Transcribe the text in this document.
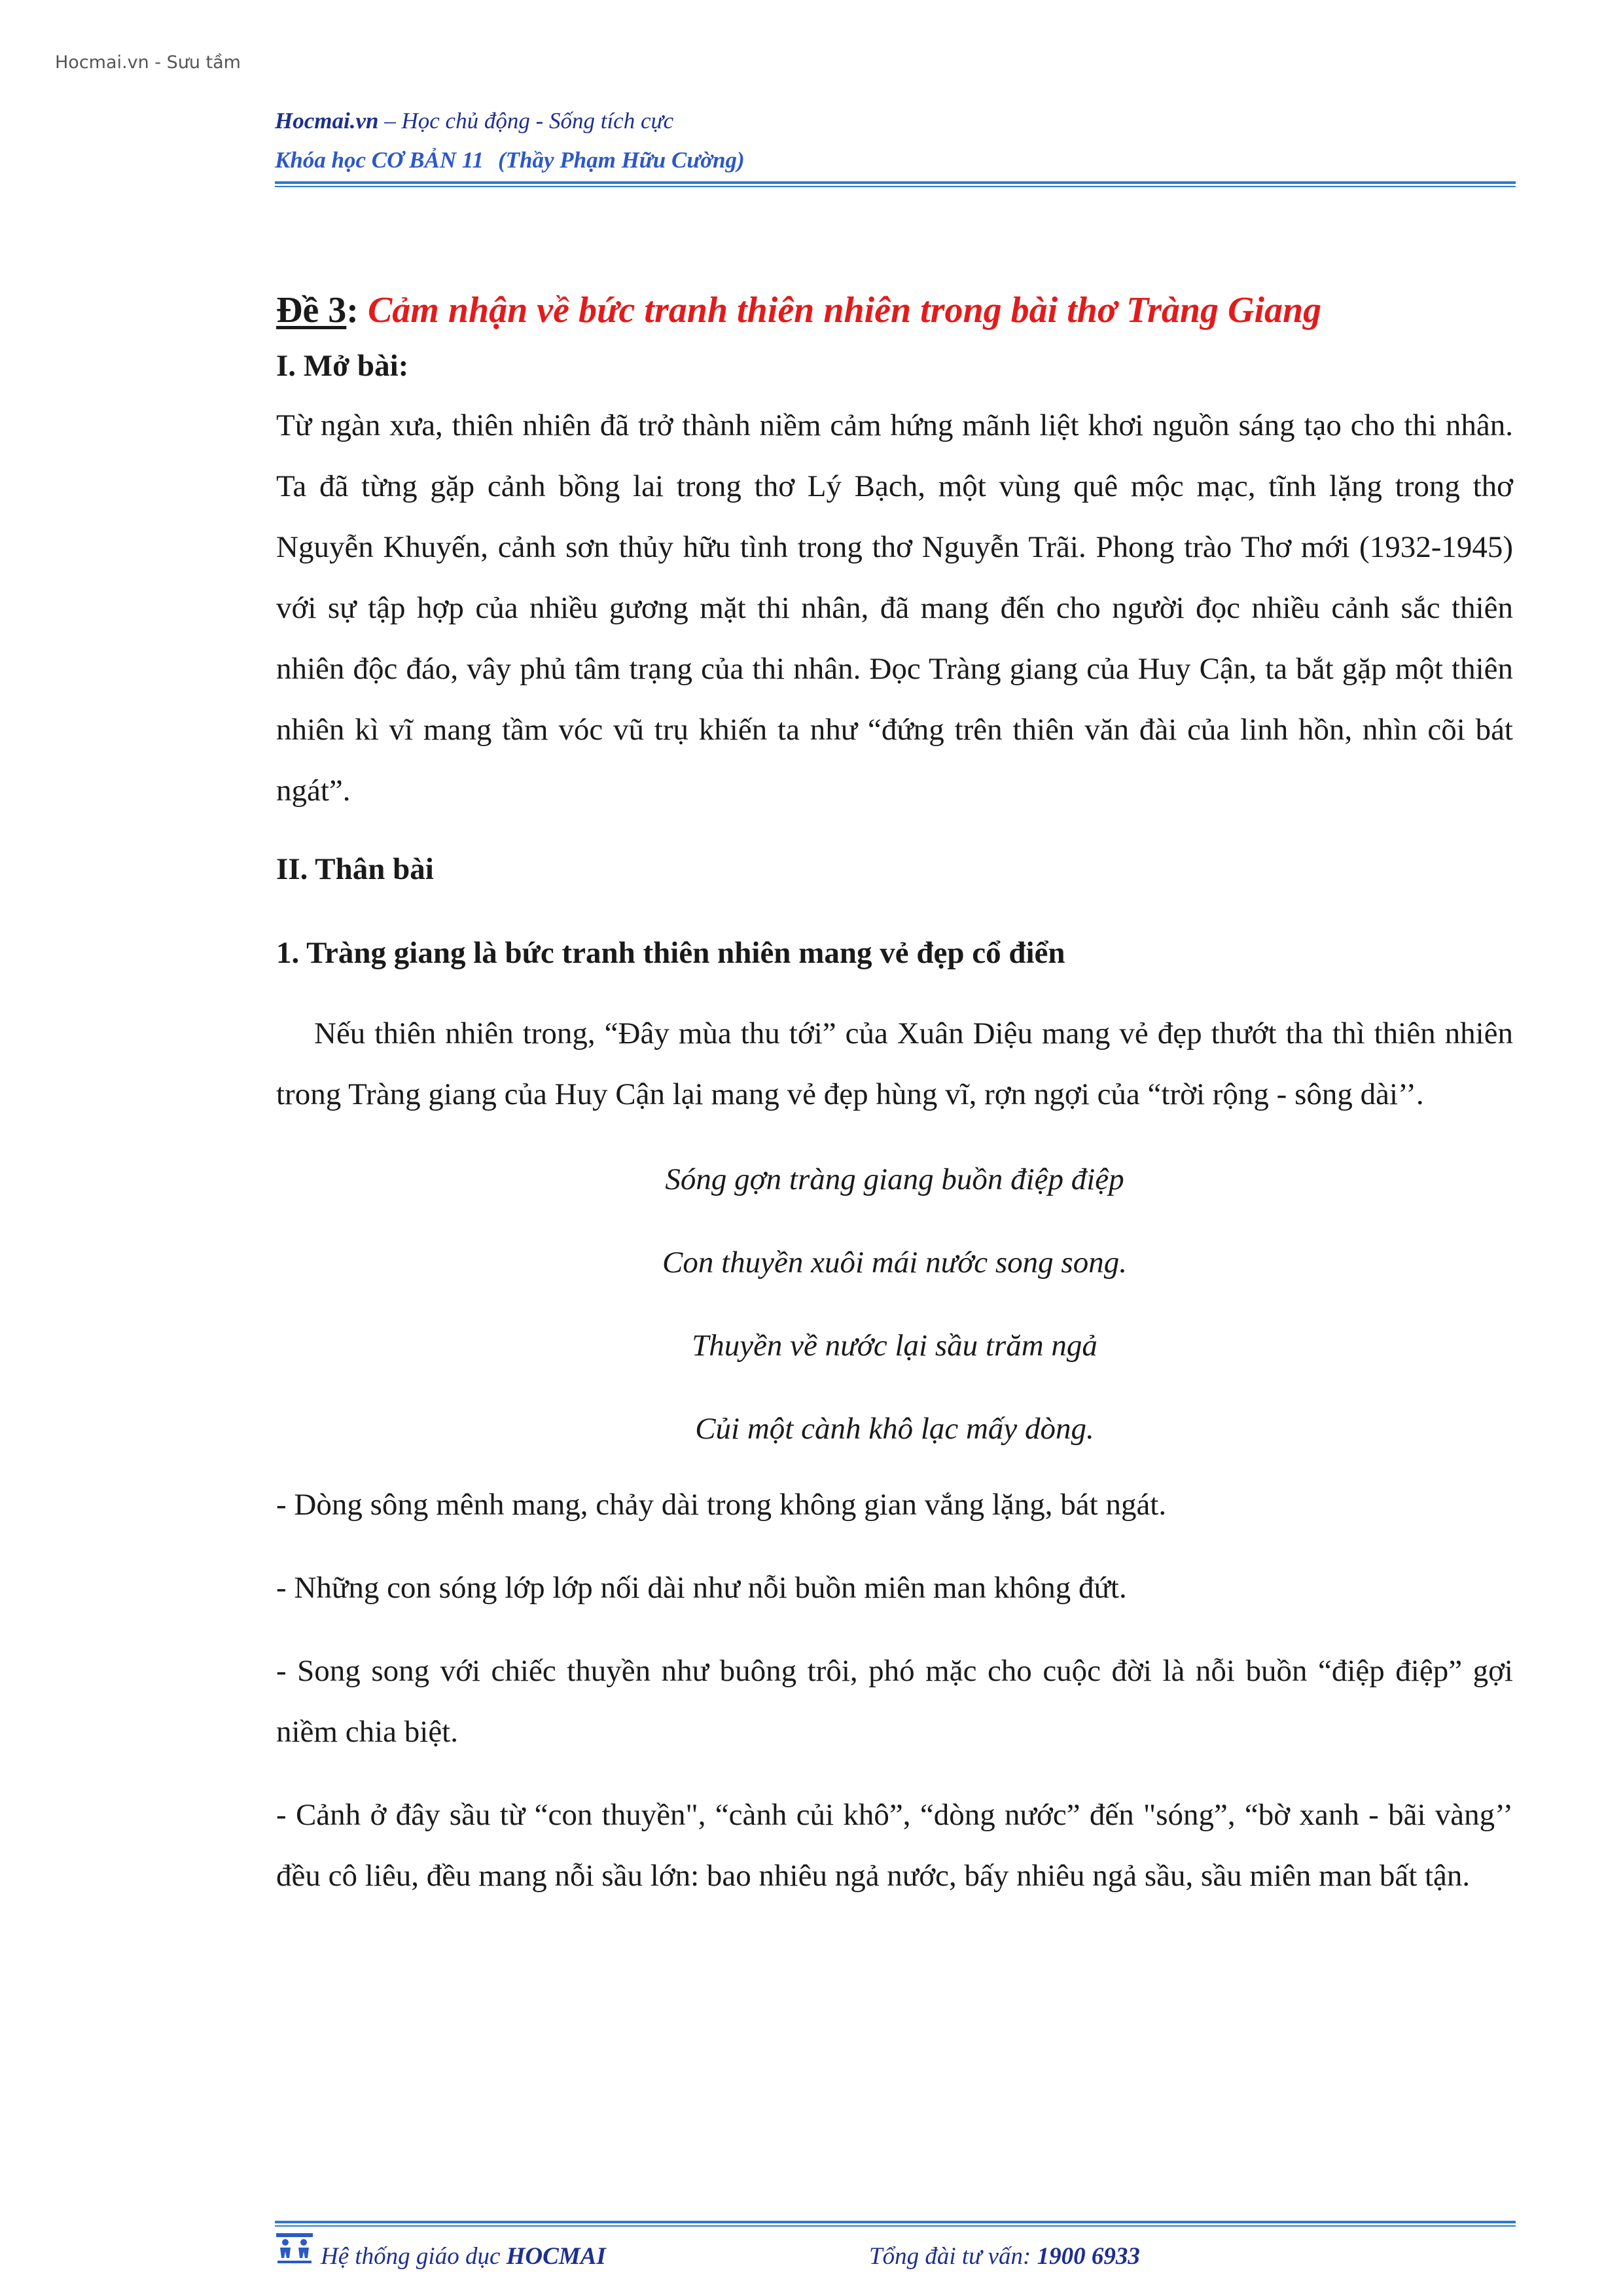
Hocmai.vn - Sưu tầm
Hocmai.vn – Học chủ động - Sống tích cực
Khóa học CƠ BẢN 11 (Thầy Phạm Hữu Cường)

Đề 3: Cảm nhận về bức tranh thiên nhiên trong bài thơ Tràng Giang

I. Mở bài:

Từ ngàn xưa, thiên nhiên đã trở thành niềm cảm hứng mãnh liệt khơi nguồn sáng tạo cho thi nhân. Ta đã từng gặp cảnh bồng lai trong thơ Lý Bạch, một vùng quê mộc mạc, tĩnh lặng trong thơ Nguyễn Khuyến, cảnh sơn thủy hữu tình trong thơ Nguyễn Trãi. Phong trào Thơ mới (1932-1945) với sự tập hợp của nhiều gương mặt thi nhân, đã mang đến cho người đọc nhiều cảnh sắc thiên nhiên độc đáo, vây phủ tâm trạng của thi nhân. Đọc Tràng giang của Huy Cận, ta bắt gặp một thiên nhiên kì vĩ mang tầm vóc vũ trụ khiến ta như “đứng trên thiên văn đài của linh hồn, nhìn cõi bát ngát”.

II. Thân bài

1. Tràng giang là bức tranh thiên nhiên mang vẻ đẹp cổ điển

Nếu thiên nhiên trong, “Đây mùa thu tới” của Xuân Diệu mang vẻ đẹp thướt tha thì thiên nhiên trong Tràng giang của Huy Cận lại mang vẻ đẹp hùng vĩ, rợn ngợi của “trời rộng - sông dài’’.

Sóng gợn tràng giang buồn điệp điệp

Con thuyền xuôi mái nước song song.

Thuyền về nước lại sầu trăm ngả

Củi một cành khô lạc mấy dòng.

- Dòng sông mênh mang, chảy dài trong không gian vắng lặng, bát ngát.

- Những con sóng lớp lớp nối dài như nỗi buồn miên man không đứt.

- Song song với chiếc thuyền như buông trôi, phó mặc cho cuộc đời là nỗi buồn “điệp điệp” gợi niềm chia biệt.

- Cảnh ở đây sầu từ “con thuyền", “cành củi khô”, “dòng nước” đến "sóng”, “bờ xanh - bãi vàng’’ đều cô liêu, đều mang nỗi sầu lớn: bao nhiêu ngả nước, bấy nhiêu ngả sầu, sầu miên man bất tận.

Hệ thống giáo dục HOCMAI	Tổng đài tư vấn: 1900 6933
